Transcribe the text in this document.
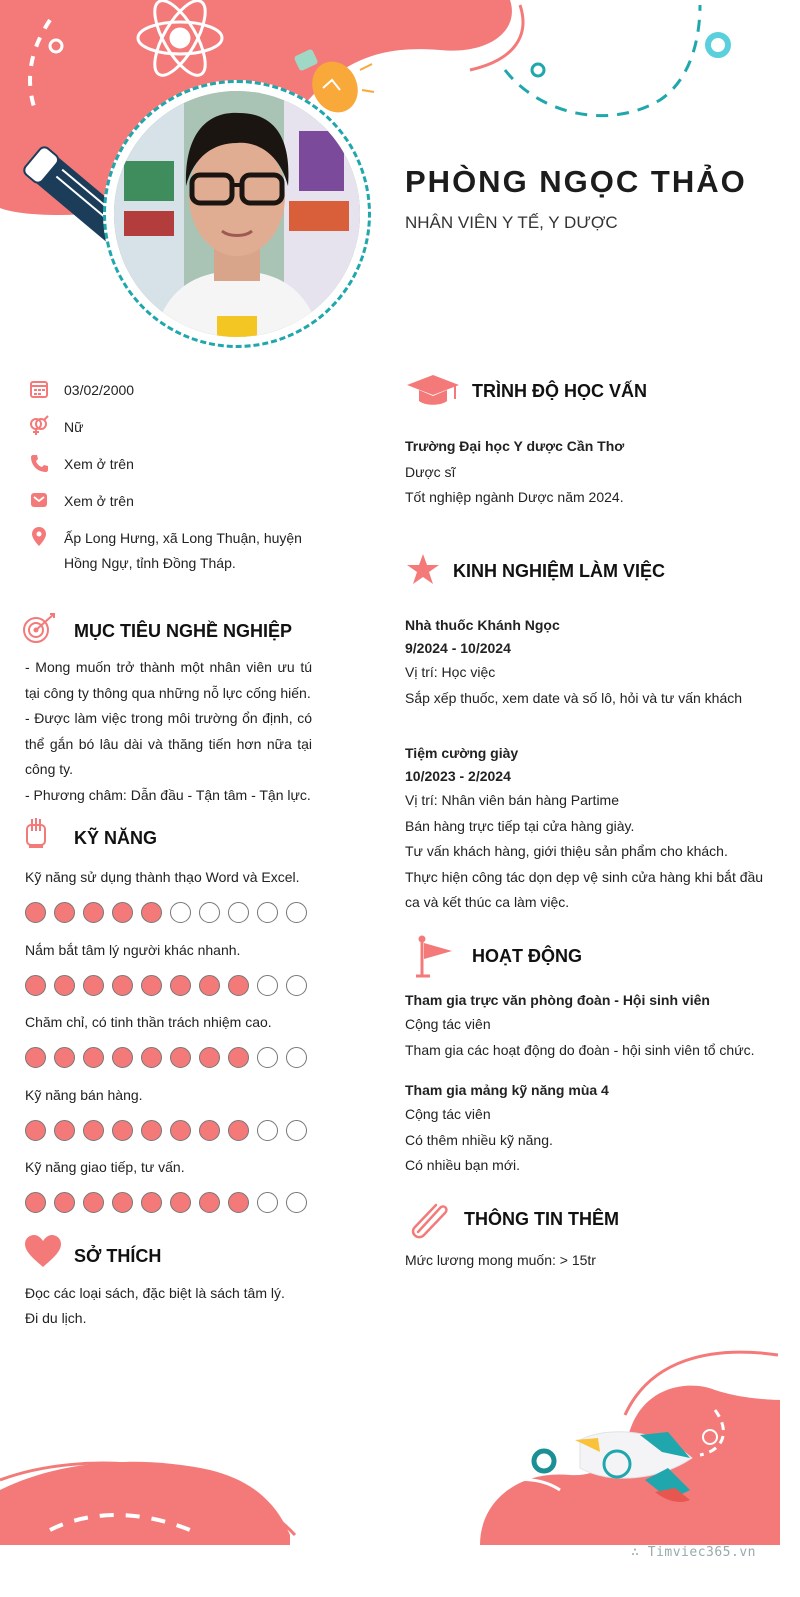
PHÒNG NGỌC THẢO
NHÂN VIÊN Y TẾ, Y DƯỢC
03/02/2000
Nữ
Xem ở trên
Xem ở trên
Ấp Long Hưng, xã Long Thuận, huyện
Hồng Ngự, tỉnh Đồng Tháp.
MỤC TIÊU NGHỀ NGHIỆP
- Mong muốn trở thành một nhân viên ưu tú tại công ty thông qua những nỗ lực cống hiến.
- Được làm việc trong môi trường ổn định, có thể gắn bó lâu dài và thăng tiến hơn nữa tại công ty.
- Phương châm: Dẫn đầu - Tận tâm - Tận lực.
KỸ NĂNG
Kỹ năng sử dụng thành thạo Word và Excel.
Nắm bắt tâm lý người khác nhanh.
Chăm chỉ, có tinh thần trách nhiệm cao.
Kỹ năng bán hàng.
Kỹ năng giao tiếp, tư vấn.
SỞ THÍCH
Đọc các loại sách, đặc biệt là sách tâm lý.
Đi du lịch.
TRÌNH ĐỘ HỌC VẤN
Trường Đại học Y dược Cần Thơ
Dược sĩ
Tốt nghiệp ngành Dược năm 2024.
KINH NGHIỆM LÀM VIỆC
Nhà thuốc Khánh Ngọc
9/2024 - 10/2024
Vị trí: Học việc
Sắp xếp thuốc, xem date và số lô, hỏi và tư vấn khách
Tiệm cường giày
10/2023 - 2/2024
Vị trí: Nhân viên bán hàng Partime
Bán hàng trực tiếp tại cửa hàng giày.
Tư vấn khách hàng, giới thiệu sản phẩm cho khách.
Thực hiện công tác dọn dẹp vệ sinh cửa hàng khi bắt đầu
ca và kết thúc ca làm việc.
HOẠT ĐỘNG
Tham gia trực văn phòng đoàn - Hội sinh viên
Cộng tác viên
Tham gia các hoạt động do đoàn - hội sinh viên tổ chức.
Tham gia mảng kỹ năng mùa 4
Cộng tác viên
Có thêm nhiều kỹ năng.
Có nhiều bạn mới.
THÔNG TIN THÊM
Mức lương mong muốn: > 15tr
∴ Timviec365.vn
